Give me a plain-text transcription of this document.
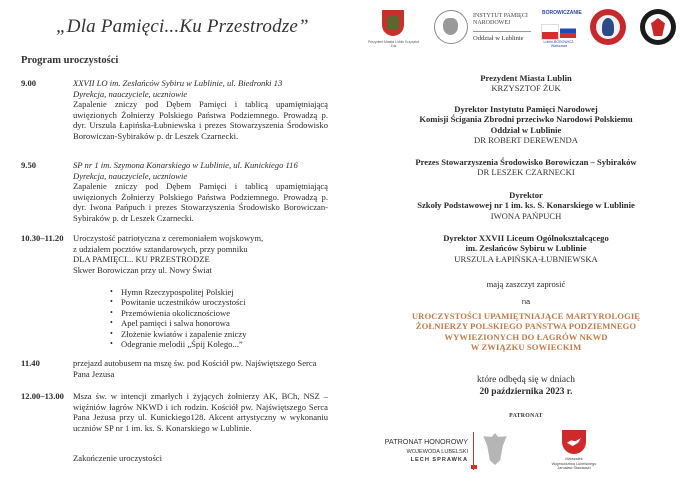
„Dla Pamięci...Ku Przestrodze”
Program uroczystości
9.00	XXVII LO im. Zesłańców Sybiru w Lublinie, ul. Biedronki 13
Dyrekcja, nauczyciele, uczniowie
Zapalenie zniczy pod Dębem Pamięci i tablicą upamiętniającą uwięzionych Żołnierzy Polskiego Państwa Podziemnego. Prowadzą p. dyr. Urszula Łapińska-Łubniewska i prezes Stowarzyszenia Środowisko Borowiczan-Sybiraków p. dr Leszek Czarnecki.
9.50	SP nr 1 im. Szymona Konarskiego w Lublinie, ul. Kunickiego 116
Dyrekcja, nauczyciele, uczniowie
Zapalenie zniczy pod Dębem Pamięci i tablicą upamiętniającą uwięzionych Żołnierzy Polskiego Państwa Podziemnego. Prowadzą p. dyr. Iwona Pańpuch i prezes Stowarzyszenia Środowisko Borowiczan-Sybiraków p. dr Leszek Czarnecki.
10.30–11.20	Uroczystość patriotyczna z ceremoniałem wojskowym,
z udziałem pocztów sztandarowych, przy pomniku
DLA PAMIĘCI... KU PRZESTRODZE
Skwer Borowiczan przy ul. Nowy Świat
• Hymn Rzeczypospolitej Polskiej
• Powitanie uczestników uroczystości
• Przemówienia okolicznościowe
• Apel pamięci i salwa honorowa
• Złożenie kwiatów i zapalenie zniczy
• Odegranie melodii „Śpij Kolego...”
11.40	przejazd autobusem na mszę św. pod Kościół pw. Najświętszego Serca Pana Jezusa
12.00–13.00	Msza św. w intencji zmarłych i żyjących żołnierzy AK, BCh, NSZ – więźniów łagrów NKWD i ich rodzin. Kościół pw. Najświętszego Serca Pana Jezusa przy ul. Kunickiego128. Akcent artystyczny w wykonaniu uczniów SP nr 1 im. ks. S. Konarskiego w Lublinie.
Zakończenie uroczystości
Prezydent Miasta Lublin Krzysztof Żuk
INSTYTUT PAMIĘCI
NARODOWEJ
Oddział w Lublinie
BOROWICZANIE
Lublin-BOROWICZ-Warszawa
Prezydent Miasta Lublin
KRZYSZTOF ŻUK
Dyrektor Instytutu Pamięci Narodowej
Komisji Ścigania Zbrodni przeciwko Narodowi Polskiemu
Oddział w Lublinie
DR ROBERT DEREWENDA
Prezes Stowarzyszenia Środowisko Borowiczan – Sybiraków
DR LESZEK CZARNECKI
Dyrektor
Szkoły Podstawowej nr 1 im. ks. S. Konarskiego w Lublinie
IWONA PAŃPUCH
Dyrektor XXVII Liceum Ogólnokształcącego
im. Zesłańców Sybiru w Lublinie
URSZULA ŁAPIŃSKA-ŁUBNIEWSKA
mają zaszczyt zaprosić
na
UROCZYSTOŚCI UPAMIĘTNIAJĄCE MARTYROLOGIĘ
ŻOŁNIERZY POLSKIEGO PAŃSTWA PODZIEMNEGO
WYWIEZIONYCH DO ŁAGRÓW NKWD
W ZWIĄZKU SOWIECKIM
które odbędą się w dniach
20 października 2023 r.
PATRONAT
PATRONAT HONOROWY
WOJEWODA LUBELSKI
LECH SPRAWKA	Marszałek
Województwa Lubelskiego
Jarosław Stawiarski
